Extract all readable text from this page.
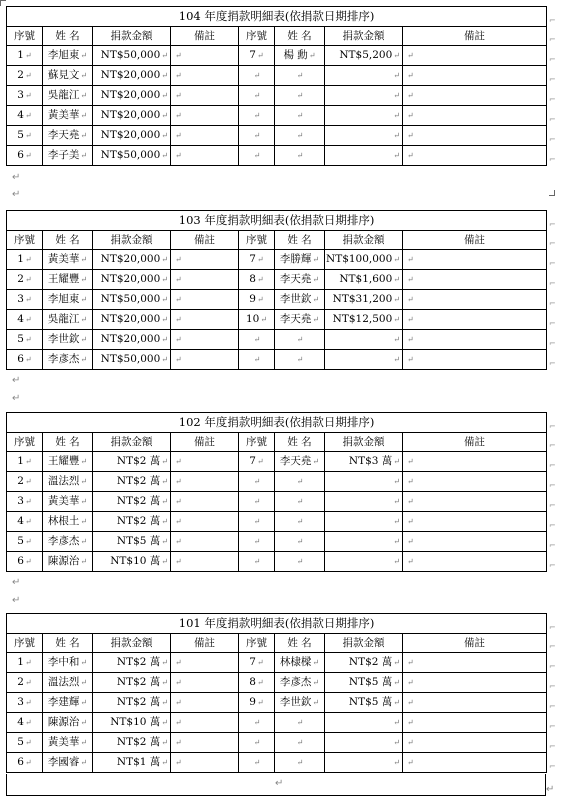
104 年度捐款明細表(依捐款日期排序)							
序號	姓 名	捐款金額	備註	序號	姓 名	捐款金額	備註
1↵	李旭東↵	NT$50,000↵	↵	7↵	楊 勳↵	NT$5,200↵	↵
2↵	蘇見文↵	NT$20,000↵	↵	↵	↵	↵	↵
3↵	吳龍江↵	NT$20,000↵	↵	↵	↵	↵	↵
4↵	黃美華↵	NT$20,000↵	↵	↵	↵	↵	↵
5↵	李天堯↵	NT$20,000↵	↵	↵	↵	↵	↵
6↵	李子美↵	NT$50,000↵	↵	↵	↵	↵	↵
103 年度捐款明細表(依捐款日期排序)							
序號	姓 名	捐款金額	備註	序號	姓 名	捐款金額	備註
1↵	黃美華↵	NT$20,000↵	↵	7↵	李勝輝↵	NT$100,000↵	↵
2↵	王耀豐↵	NT$20,000↵	↵	8↵	李天堯↵	NT$1,600↵	↵
3↵	李旭東↵	NT$50,000↵	↵	9↵	李世欽↵	NT$31,200↵	↵
4↵	吳龍江↵	NT$20,000↵	↵	10↵	李天堯↵	NT$12,500↵	↵
5↵	李世欽↵	NT$20,000↵	↵	↵	↵	↵	↵
6↵	李彥杰↵	NT$50,000↵	↵	↵	↵	↵	↵
102 年度捐款明細表(依捐款日期排序)							
序號	姓 名	捐款金額	備註	序號	姓 名	捐款金額	備註
1↵	王耀豐↵	NT$2 萬↵	↵	7↵	李天堯↵	NT$3 萬↵	↵
2↵	溫法烈↵	NT$2 萬↵	↵	↵	↵	↵	↵
3↵	黃美華↵	NT$2 萬↵	↵	↵	↵	↵	↵
4↵	林根土↵	NT$2 萬↵	↵	↵	↵	↵	↵
5↵	李彥杰↵	NT$5 萬↵	↵	↵	↵	↵	↵
6↵	陳源治↵	NT$10 萬↵	↵	↵	↵	↵	↵
101 年度捐款明細表(依捐款日期排序)							
序號	姓 名	捐款金額	備註	序號	姓 名	捐款金額	備註
1↵	李中和↵	NT$2 萬↵	↵	7↵	林棣樑↵	NT$2 萬↵	↵
2↵	溫法烈↵	NT$2 萬↵	↵	8↵	李彥杰↵	NT$5 萬↵	↵
3↵	李建輝↵	NT$2 萬↵	↵	9↵	李世欽↵	NT$5 萬↵	↵
4↵	陳源治↵	NT$10 萬↵	↵	↵	↵	↵	↵
5↵	黃美華↵	NT$2 萬↵	↵	↵	↵	↵	↵
6↵	李國睿↵	NT$1 萬↵	↵	↵	↵	↵	↵
↵
↵
↵
↵
↵
↵
↵
↵
⌐
⌐
⌐
⌐
⌐
⌐
⌐
⌐
⌐
⌐
⌐
⌐
⌐
⌐
⌐
⌐
⌐
⌐
⌐
⌐
⌐
⌐
⌐
⌐
⌐
⌐
⌐
⌐
⌐
⌐
⌐
⌐
